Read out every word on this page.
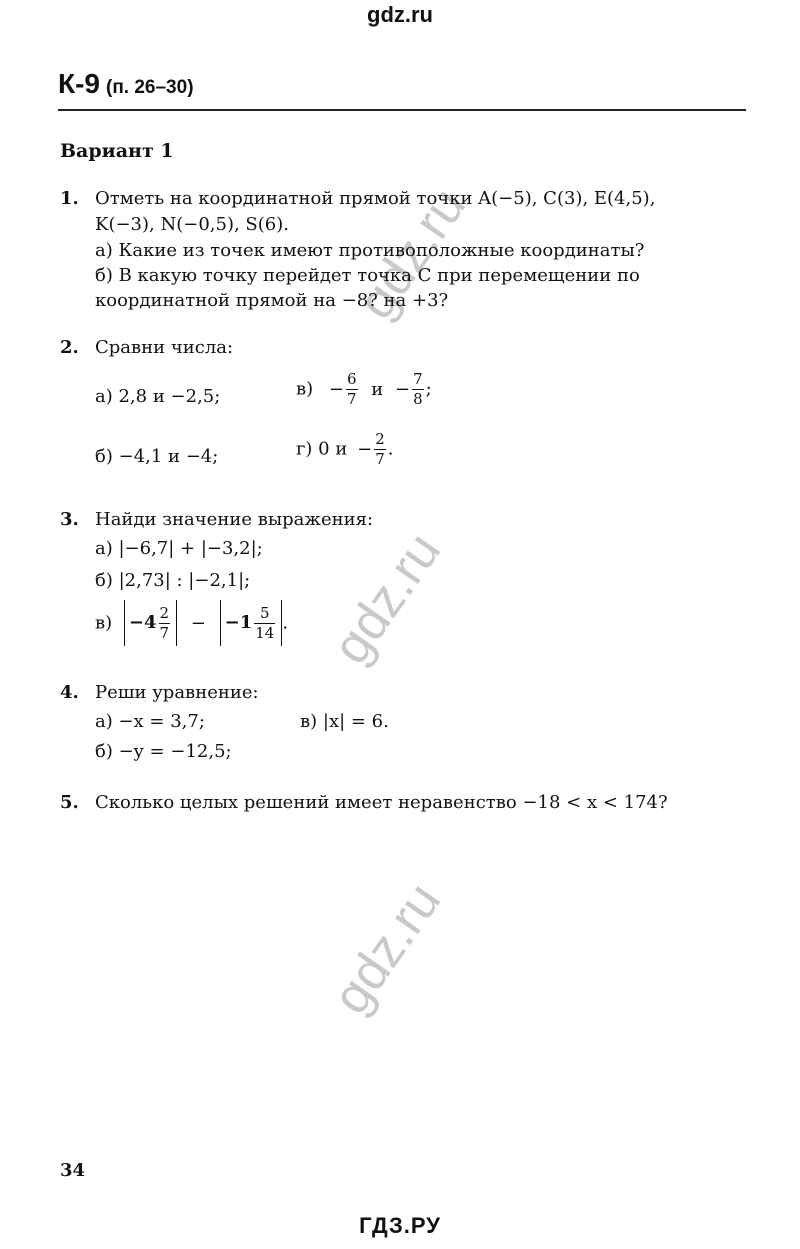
gdz.ru
gdz.ru
gdz.ru
gdz.ru
К-9 (п. 26–30)
Вариант 1
1. Отметь на координатной прямой точки A(−5), C(3), E(4,5),
K(−3), N(−0,5), S(6).
а) Какие из точек имеют противоположные координаты?
б) В какую точку перейдет точка C при перемещении по
координатной прямой на −8? на +3?
2. Сравни числа:
а) 2,8 и −2,5;	$в) - \frac{6}{7}$ $и - \frac{7}{8}$ ;
б) −4,1 и −4;	г) 0 $и - \frac{2}{7}$ .
3. Найди значение выражения:
а) |−6,7| + |−3,2|;
б) |2,73| : |−2,1|;
$в) -4 \frac{2}{7} - -1 \frac{5}{14}$ .
4. Реши уравнение:
а) −x = 3,7;	в) |x| = 6.
б) −y = −12,5;
5. Сколько целых решений имеет неравенство −18 < x < 174?
34
ГДЗ.РУ
